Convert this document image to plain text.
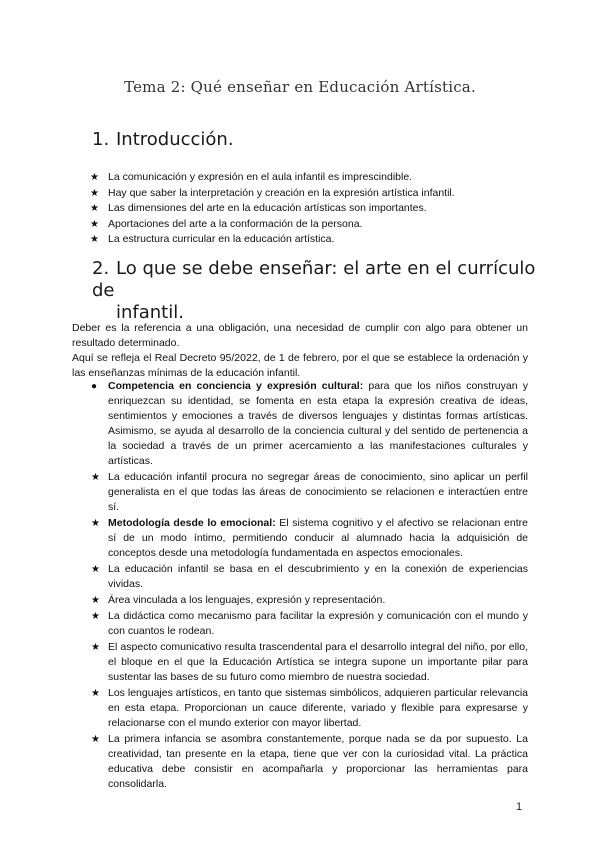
Tema 2: Qué enseñar en Educación Artística.
1. Introducción.
★ La comunicación y expresión en el aula infantil es imprescindible.
★ Hay que saber la interpretación y creación en la expresión artística infantil.
★ Las dimensiones del arte en la educación artísticas son importantes.
★ Aportaciones del arte a la conformación de la persona.
★ La estructura curricular en la educación artística.
2. Lo que se debe enseñar: el arte en el currículo de
infantil.

Deber es la referencia a una obligación, una necesidad de cumplir con algo para obtener un resultado determinado.

Aquí se refleja el Real Decreto 95/2022, de 1 de febrero, por el que se establece la ordenación y las enseñanzas mínimas de la educación infantil.

● Competencia en conciencia y expresión cultural: para que los niños construyan y enriquezcan su identidad, se fomenta en esta etapa la expresión creativa de ideas, sentimientos y emociones a través de diversos lenguajes y distintas formas artísticas. Asimismo, se ayuda al desarrollo de la conciencia cultural y del sentido de pertenencia a la sociedad a través de un primer acercamiento a las manifestaciones culturales y artísticas.
★ La educación infantil procura no segregar áreas de conocimiento, sino aplicar un perfil generalista en el que todas las áreas de conocimiento se relacionen e interactúen entre sí.
★ Metodología desde lo emocional: El sistema cognitivo y el afectivo se relacionan entre sí de un modo íntimo, permitiendo conducir al alumnado hacia la adquisición de conceptos desde una metodología fundamentada en aspectos emocionales.
★ La educación infantil se basa en el descubrimiento y en la conexión de experiencias vividas.
★ Área vinculada a los lenguajes, expresión y representación.
★ La didáctica como mecanismo para facilitar la expresión y comunicación con el mundo y con cuantos le rodean.
★ El aspecto comunicativo resulta trascendental para el desarrollo integral del niño, por ello, el bloque en el que la Educación Artística se integra supone un importante pilar para sustentar las bases de su futuro como miembro de nuestra sociedad.
★ Los lenguajes artísticos, en tanto que sistemas simbólicos, adquieren particular relevancia en esta etapa. Proporcionan un cauce diferente, variado y flexible para expresarse y relacionarse con el mundo exterior con mayor libertad.
★ La primera infancia se asombra constantemente, porque nada se da por supuesto. La creatividad, tan presente en la etapa, tiene que ver con la curiosidad vital. La práctica educativa debe consistir en acompañarla y proporcionar las herramientas para consolidarla.
1
